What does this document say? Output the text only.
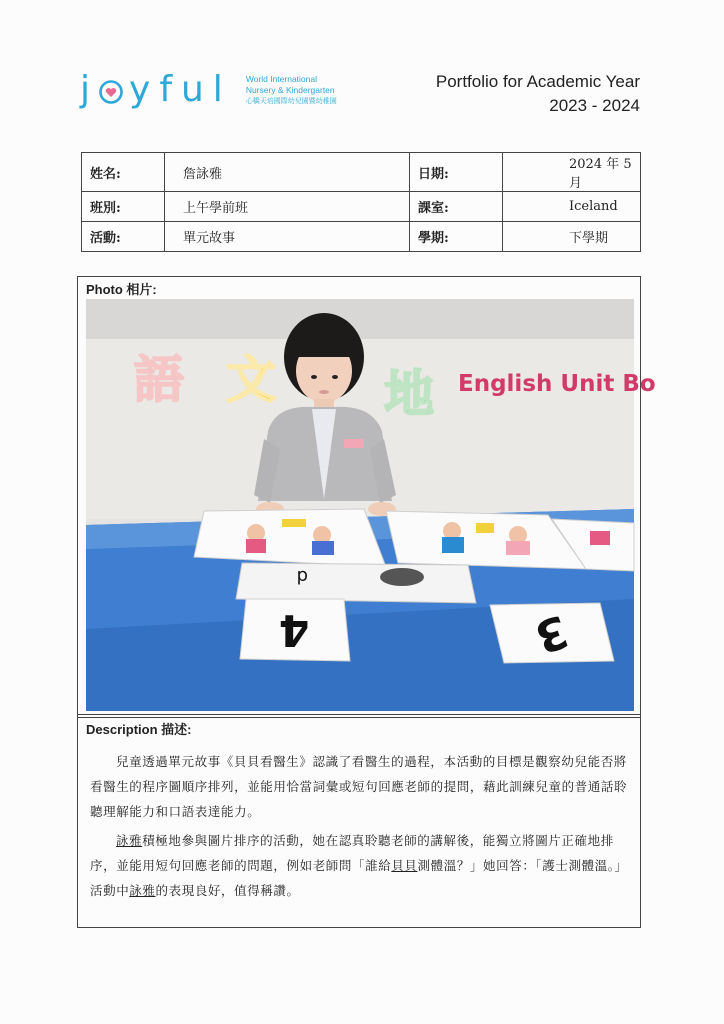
j yful World International
Nursery & Kindergarten
心橋天培國際幼兒園暨幼稚園
Portfolio for Academic Year
2023 - 2024
姓名:	詹詠雅	日期:	2024 年 5 月
班別:	上午學前班	課室:	Iceland
活動:	單元故事	學期:	下學期
Photo 相片:
語 文 地 English Unit Bo
d
4	3
Description 描述:

兒童透過單元故事《貝貝看醫生》認識了看醫生的過程，本活動的目標是觀察幼兒能否將看醫生的程序圖順序排列，並能用恰當詞彙或短句回應老師的提問，藉此訓練兒童的普通話聆聽理解能力和口語表達能力。

詠雅積極地參與圖片排序的活動，她在認真聆聽老師的講解後，能獨立將圖片正確地排序，並能用短句回應老師的問題，例如老師問「誰給貝貝測體溫？」她回答：「護士測體溫。」活動中詠雅的表現良好，值得稱讚。
